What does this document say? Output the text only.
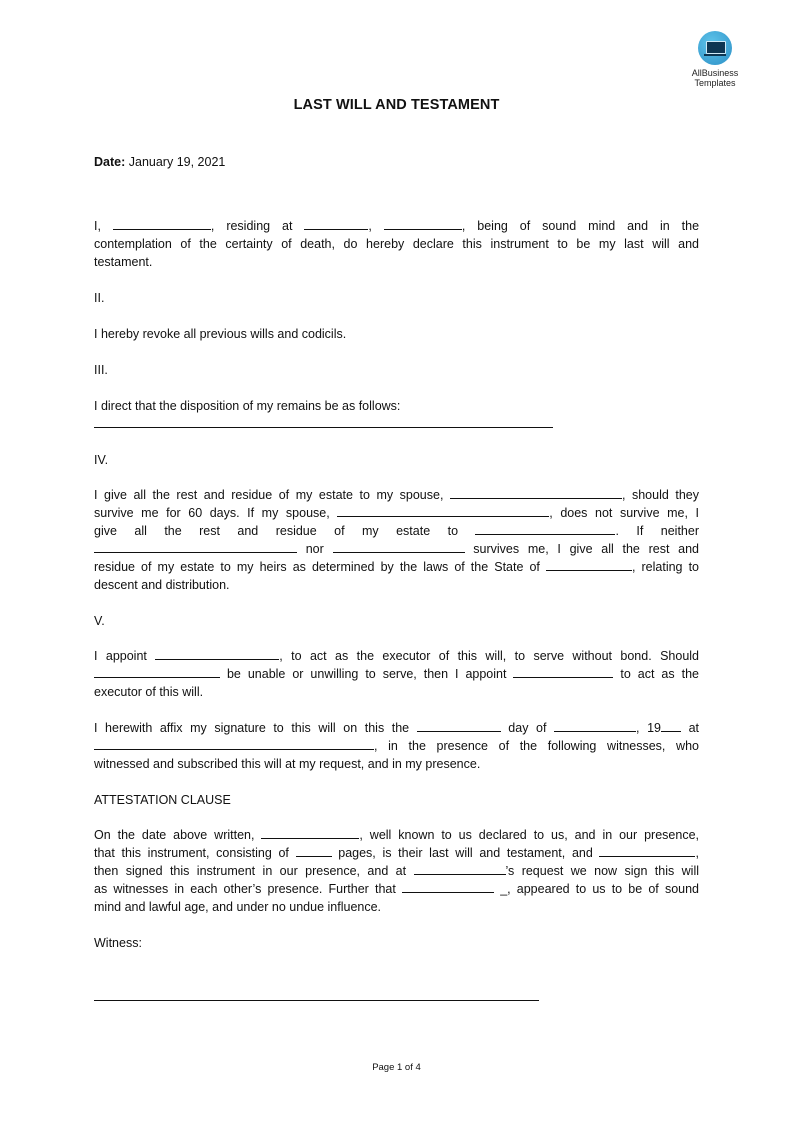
AllBusiness
Templates
LAST WILL AND TESTAMENT

Date: January 19, 2021

I,	, residing at	,	, being of sound mind and in the

contemplation of the certainty of death, do hereby declare this instrument to be my last will and

testament.

II.

I hereby revoke all previous wills and codicils.

III.

I direct that the disposition of my remains be as follows:

IV.

I give all the rest and residue of my estate to my spouse,	, should they

survive me for 60 days. If my spouse,	, does not survive me, I

give all the rest and residue of my estate to	. If neither

nor	survives me, I give all the rest and

residue of my estate to my heirs as determined by the laws of the State of	, relating to

descent and distribution.

V.

I appoint	, to act as the executor of this will, to serve without bond. Should

be unable or unwilling to serve, then I appoint	to act as the

executor of this will.

I herewith affix my signature to this will on this the	day of	, 19 at

, in the presence of the following witnesses, who

witnessed and subscribed this will at my request, and in my presence.

ATTESTATION CLAUSE

On the date above written,	, well known to us declared to us, and in our presence,

that this instrument, consisting of	pages, is their last will and testament, and	,

then signed this instrument in our presence, and at	’s request we now sign this will

as witnesses in each other’s presence. Further that	_, appeared to us to be of sound

mind and lawful age, and under no undue influence.

Witness:

Page 1 of 4
